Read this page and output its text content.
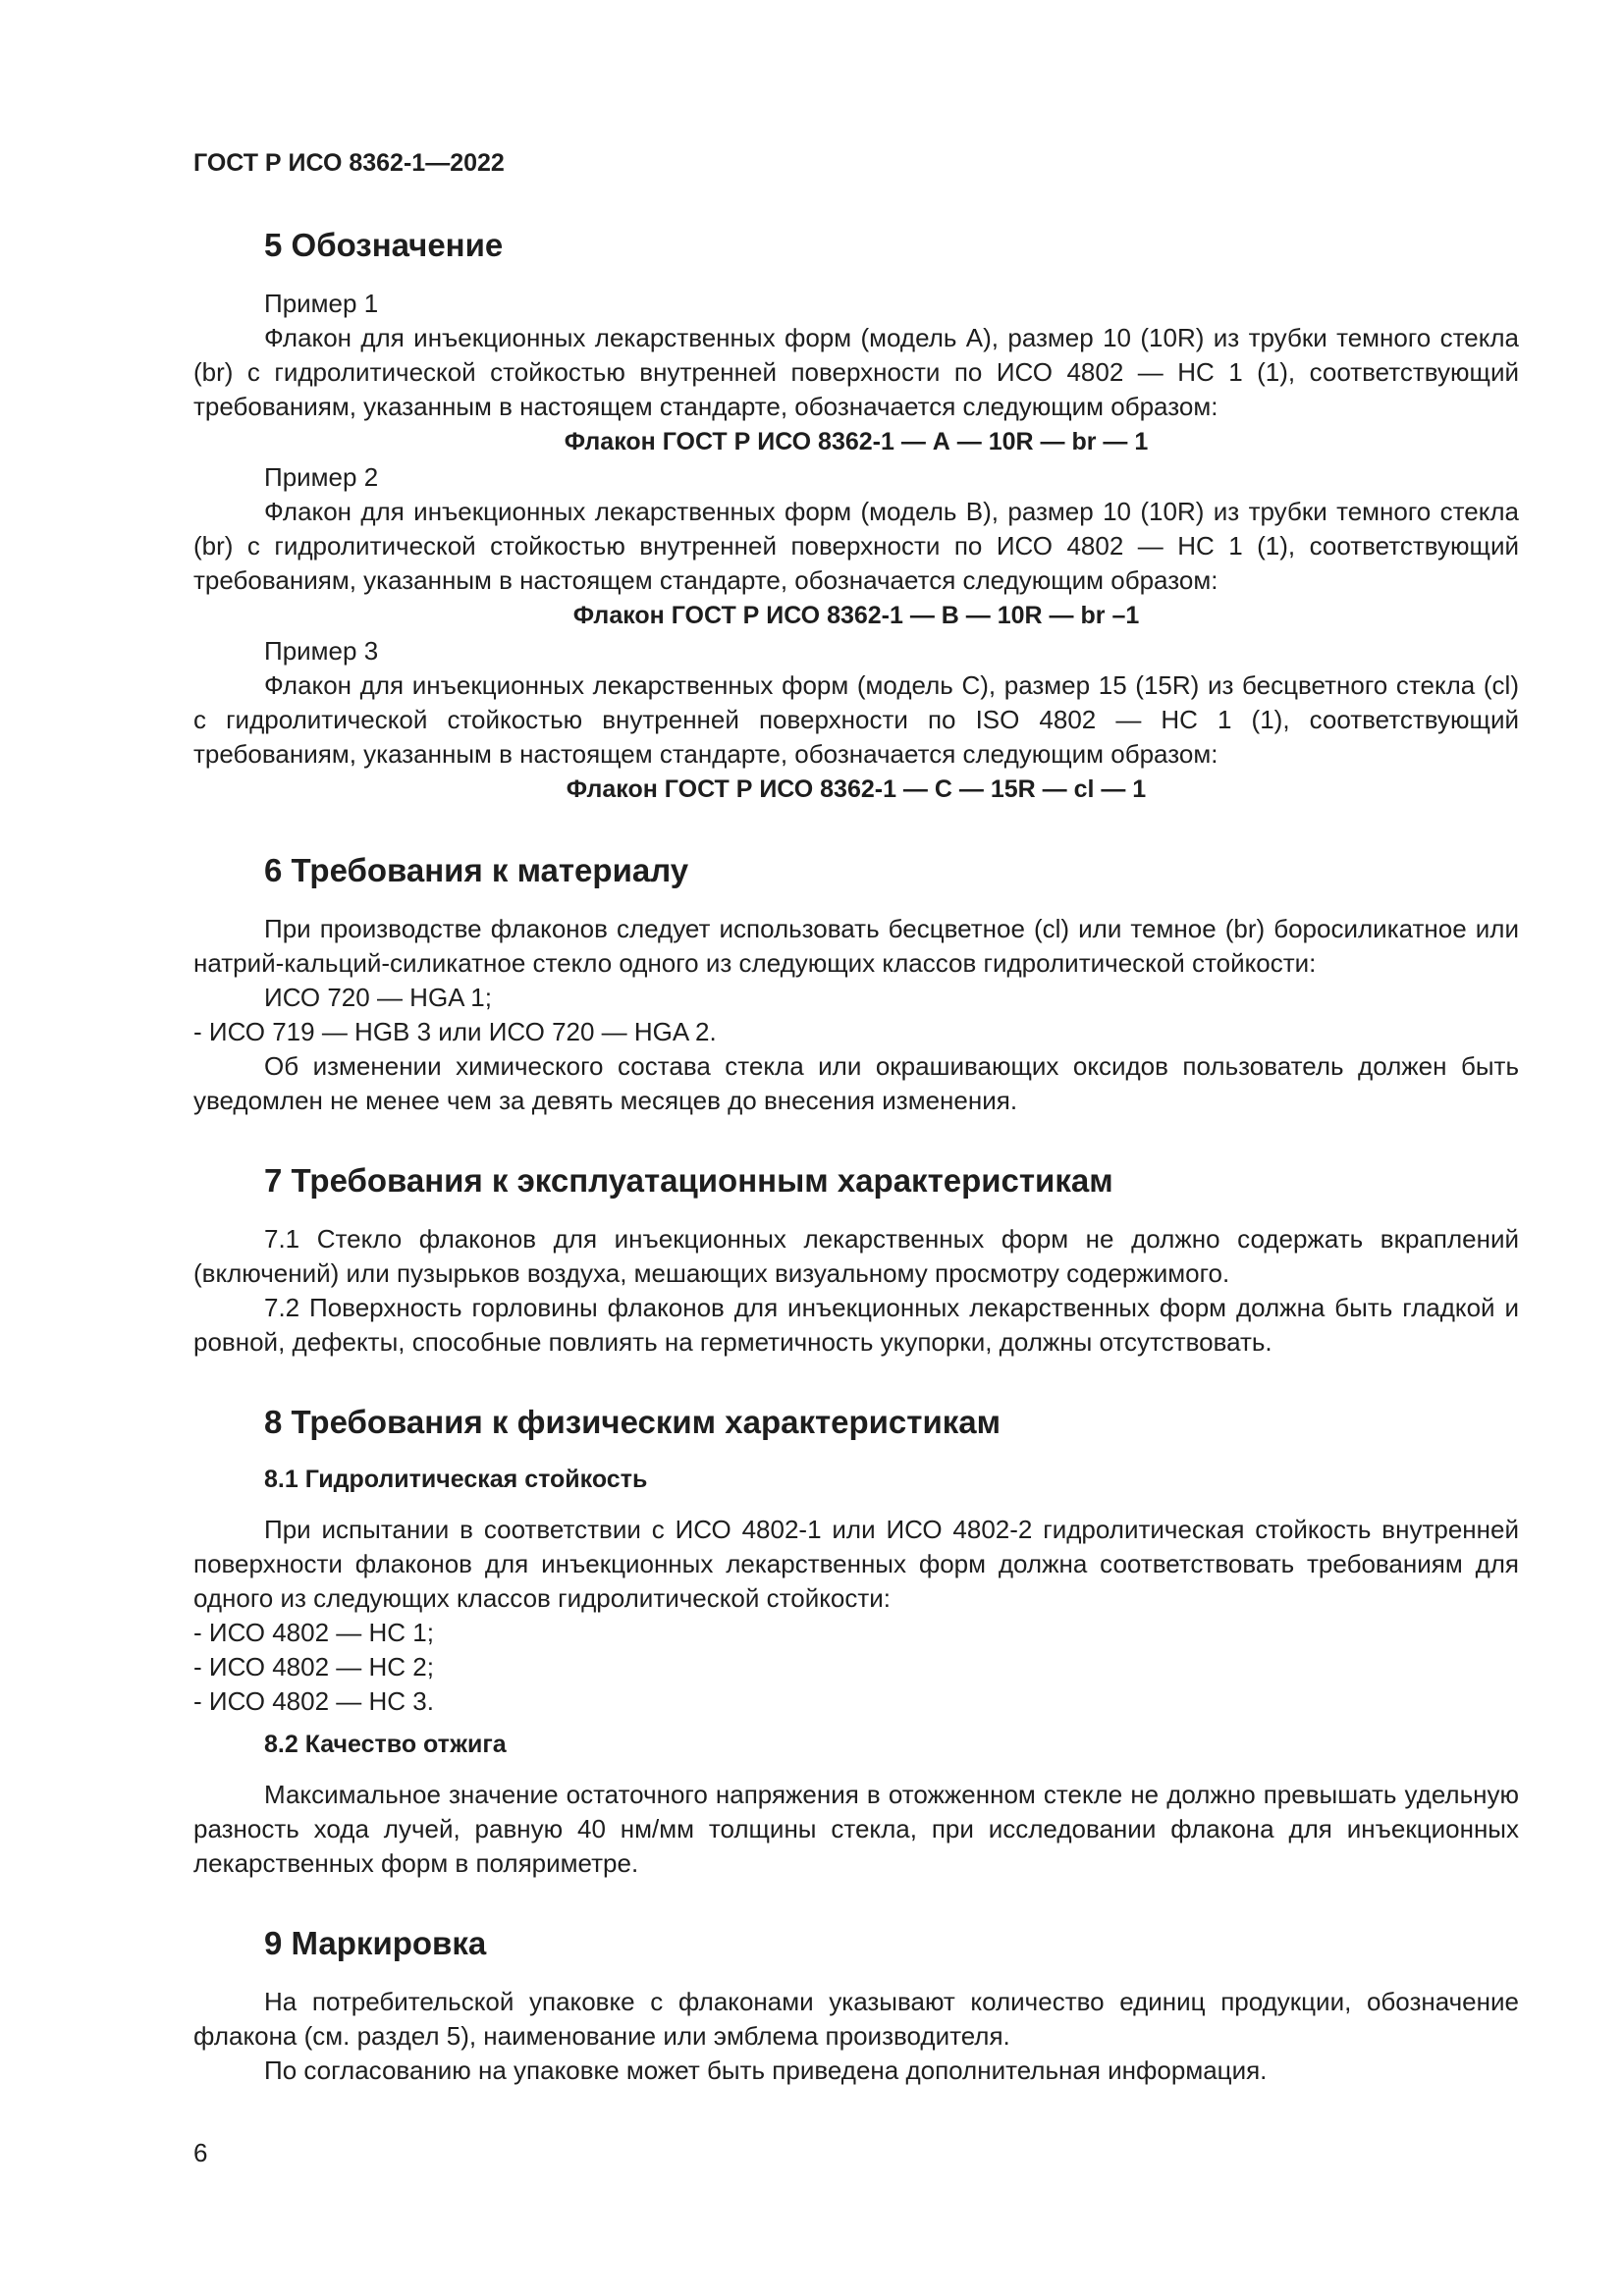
ГОСТ Р ИСО 8362-1—2022
5 Обозначение
Пример 1

Флакон для инъекционных лекарственных форм (модель А), размер 10 (10R) из трубки темного стекла (br) с гидролитической стойкостью внутренней поверхности по ИСО 4802 — HC 1 (1), соответствующий требованиям, указанным в настоящем стандарте, обозначается следующим образом:

Флакон ГОСТ Р ИСО 8362-1 — А — 10R — br — 1
Пример 2

Флакон для инъекционных лекарственных форм (модель В), размер 10 (10R) из трубки темного стекла (br) с гидролитической стойкостью внутренней поверхности по ИСО 4802 — HC 1 (1), соответствующий требованиям, указанным в настоящем стандарте, обозначается следующим образом:

Флакон ГОСТ Р ИСО 8362-1 — В — 10R — br –1
Пример 3

Флакон для инъекционных лекарственных форм (модель С), размер 15 (15R) из бесцветного стекла (cl) с гидролитической стойкостью внутренней поверхности по ISO 4802 — HC 1 (1), соответствующий требованиям, указанным в настоящем стандарте, обозначается следующим образом:

Флакон ГОСТ Р ИСО 8362-1 — С — 15R — cl — 1
6 Требования к материалу

При производстве флаконов следует использовать бесцветное (cl) или темное (br) боросиликатное или натрий-кальций-силикатное стекло одного из следующих классов гидролитической стойкости:

ИСО 720 — HGA 1;
- ИСО 719 — HGB 3 или ИСО 720 — HGA 2.

Об изменении химического состава стекла или окрашивающих оксидов пользователь должен быть уведомлен не менее чем за девять месяцев до внесения изменения.

7 Требования к эксплуатационным характеристикам

7.1 Стекло флаконов для инъекционных лекарственных форм не должно содержать вкраплений (включений) или пузырьков воздуха, мешающих визуальному просмотру содержимого.

7.2 Поверхность горловины флаконов для инъекционных лекарственных форм должна быть гладкой и ровной, дефекты, способные повлиять на герметичность укупорки, должны отсутствовать.

8 Требования к физическим характеристикам
8.1 Гидролитическая стойкость

При испытании в соответствии с ИСО 4802-1 или ИСО 4802-2 гидролитическая стойкость внутренней поверхности флаконов для инъекционных лекарственных форм должна соответствовать требованиям для одного из следующих классов гидролитической стойкости:

- ИСО 4802 — HC 1;
- ИСО 4802 — HC 2;
- ИСО 4802 — HC 3.
8.2 Качество отжига

Максимальное значение остаточного напряжения в отожженном стекле не должно превышать удельную разность хода лучей, равную 40 нм/мм толщины стекла, при исследовании флакона для инъекционных лекарственных форм в поляриметре.

9 Маркировка

На потребительской упаковке с флаконами указывают количество единиц продукции, обозначение флакона (см. раздел 5), наименование или эмблема производителя.

По согласованию на упаковке может быть приведена дополнительная информация.

6
